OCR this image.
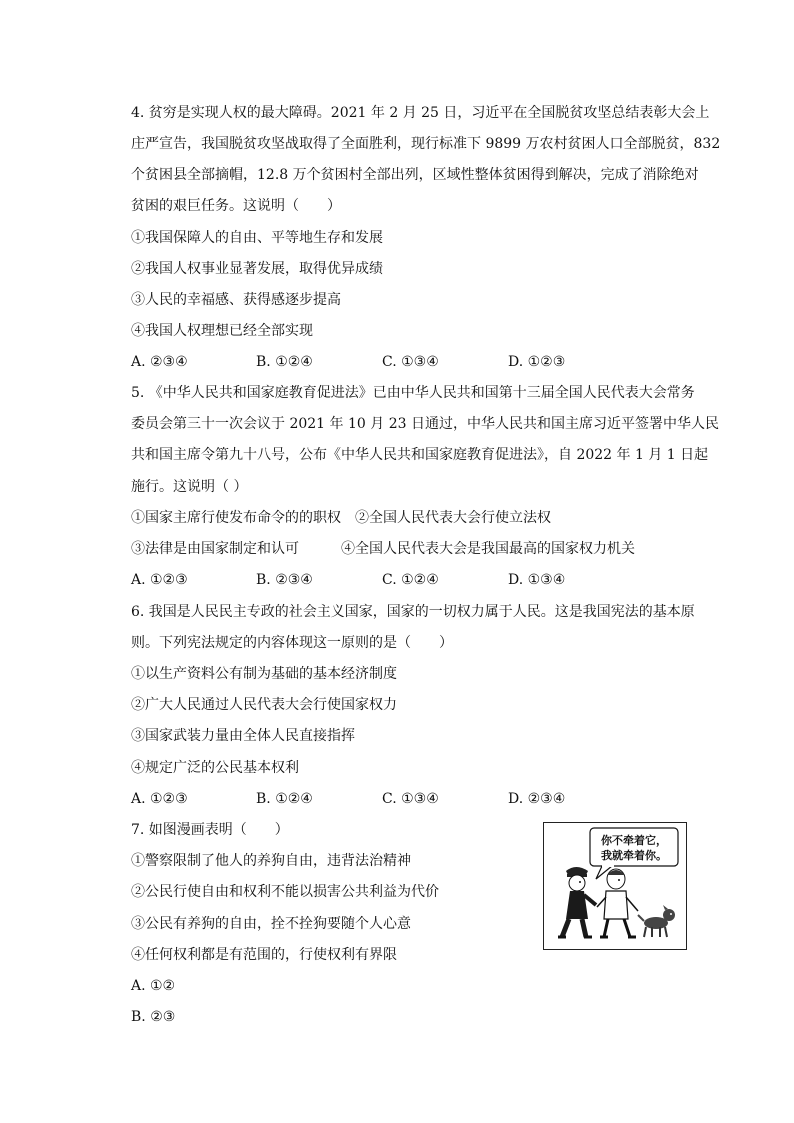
4. 贫穷是实现人权的最大障碍。2021 年 2 月 25 日，习近平在全国脱贫攻坚总结表彰大会上
庄严宣告，我国脱贫攻坚战取得了全面胜利，现行标准下 9899 万农村贫困人口全部脱贫，832
个贫困县全部摘帽，12.8 万个贫困村全部出列，区域性整体贫困得到解决，完成了消除绝对
贫困的艰巨任务。这说明（　　）
①我国保障人的自由、平等地生存和发展
②我国人权事业显著发展，取得优异成绩
③人民的幸福感、获得感逐步提高
④我国人权理想已经全部实现
A. ②③④	B. ①②④	C. ①③④	D. ①②③
5. 《中华人民共和国家庭教育促进法》已由中华人民共和国第十三届全国人民代表大会常务
委员会第三十一次会议于 2021 年 10 月 23 日通过，中华人民共和国主席习近平签署中华人民
共和国主席令第九十八号，公布《中华人民共和国家庭教育促进法》，自 2022 年 1 月 1 日起
施行。这说明（ ）
①国家主席行使发布命令的的职权　②全国人民代表大会行使立法权
③法律是由国家制定和认可　　　④全国人民代表大会是我国最高的国家权力机关
A. ①②③	B. ②③④	C. ①②④	D. ①③④
6. 我国是人民民主专政的社会主义国家，国家的一切权力属于人民。这是我国宪法的基本原
则。下列宪法规定的内容体现这一原则的是（　　）
①以生产资料公有制为基础的基本经济制度
②广大人民通过人民代表大会行使国家权力
③国家武装力量由全体人民直接指挥
④规定广泛的公民基本权利
A. ①②③	B. ①②④	C. ①③④	D. ②③④
7. 如图漫画表明（　　）
①警察限制了他人的养狗自由，违背法治精神
②公民行使自由和权利不能以损害公共利益为代价
③公民有养狗的自由，拴不拴狗要随个人心意
④任何权利都是有范围的，行使权利有界限
A. ①②
B. ②③
你不牵着它，
我就牵着你。
